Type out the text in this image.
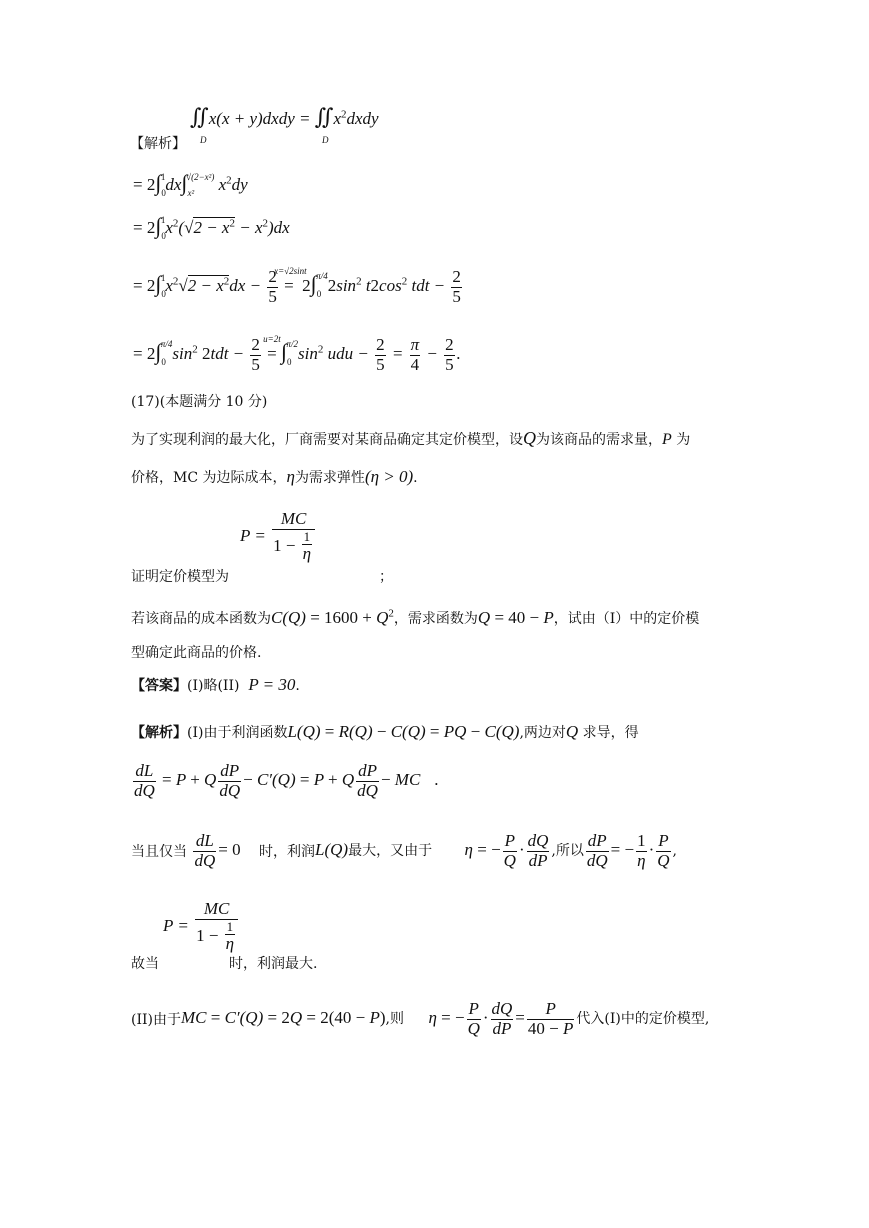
∬x(x + y)dxdy = $∬x^2dxdy$
D	D
【解析】
= $2\int_0^1dx\int_{x^2}^{√(2-x^2)}$ $x^2dy$
= $2\int_0^1x^2(√2 - x^2 - x^2)dx$
= $2\int_0^1x^2√2 - x^2dx - \frac{2}{5}$ =
x=√2sint
$2\int_0^{\pi/4}2\sin^2$ $t2\cos^2$ tdt − $\frac{2}{5}$
= $2\int_0^{\pi/4}\sin^2$ $2tdt - \frac{2}{5}$ =
u=2t $\int_0^{\pi/2}\sin^2$ udu − $\frac{2}{5} = \frac{\pi}{4} - \frac{2}{5}$ .
(17)(本题满分 10 分)
为了实现利润的最大化，厂商需要对某商品确定其定价模型，设Q为该商品的需求量，P 为
价格，MC 为边际成本，η为需求弹性(η > 0).
P = MC
1 − 1
η
证明定价模型为	；
若该商品的成本函数为$C(Q) = 1600 + Q^2$，需求函数为Q = 40 − P，试由（I）中的定价模
型确定此商品的价格.
【答案】(I)略(II) P = 30.
【解析】(I)由于利润函数L(Q) = R(Q) − C(Q) = PQ − C(Q),两边对Q 求导，得
$\frac{dL}{dQ} = P + Q \frac{dP}{dQ} - C'(Q) = P + Q \frac{dP}{dQ}$ − MC .
当且仅当 $\frac{dL}{dQ} = 0$ 时，利润L(Q)最大，又由于 η = − $\frac{P}{Q} \cdot \frac{dQ}{dP}$ ,所以 $\frac{dP}{dQ}$ = − $\frac{1}{\eta} \cdot \frac{P}{Q}$ ,
P = MC
1 − 1
η
故当	时，利润最大.
(II)由于MC = C′(Q) = 2Q = 2(40 − P),则 η = − $\frac{P}{Q} \cdot \frac{dQ}{dP} = \frac{P}{40 - P}$ 代入(I)中的定价模型,
